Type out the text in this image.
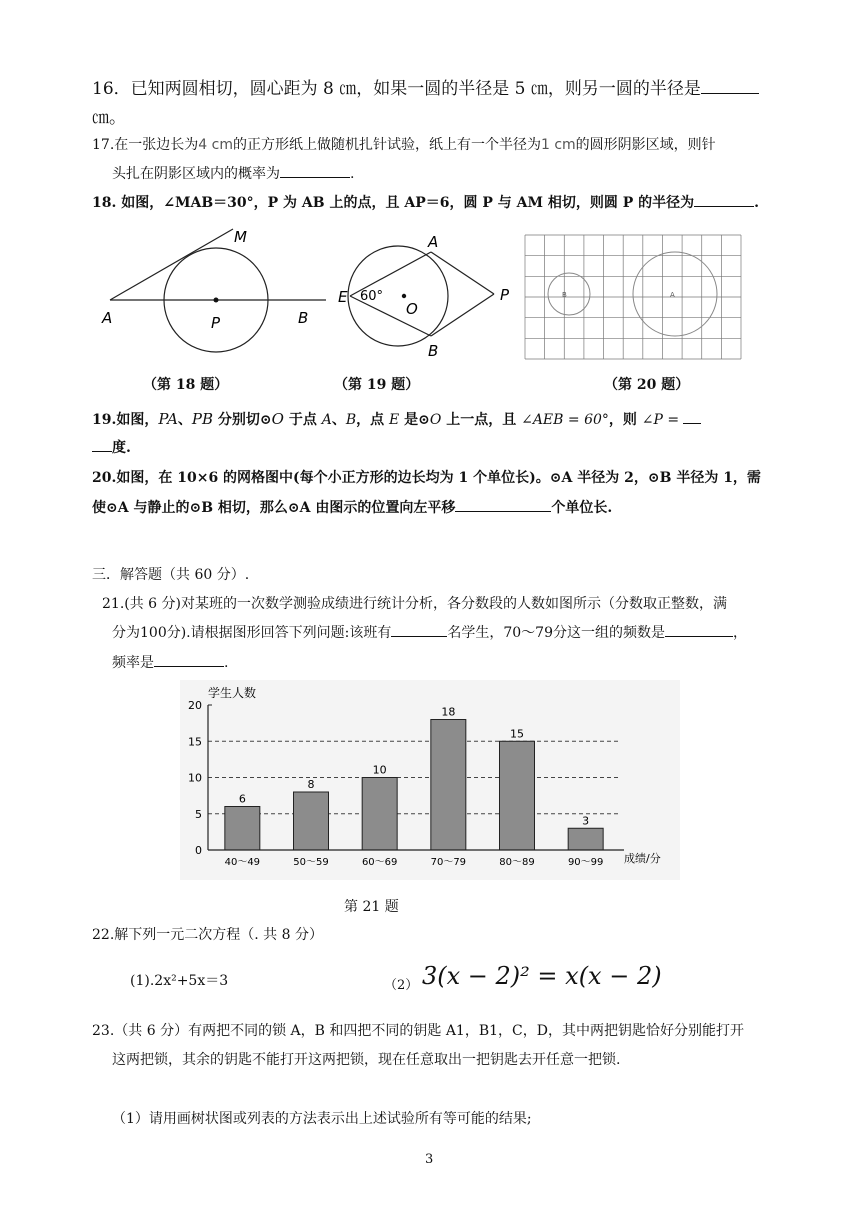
16．已知两圆相切，圆心距为 8 ㎝，如果一圆的半径是 5 ㎝，则另一圆的半径是
㎝。
17.在一张边长为4 cm的正方形纸上做随机扎针试验，纸上有一个半径为1 cm的圆形阴影区域，则针
头扎在阴影区域内的概率为	.
18. 如图，∠MAB＝30°，P 为 AB 上的点，且 AP＝6，圆 P 与 AM 相切，则圆 P 的半径为	.
A	B
M
P
A
B
E
O
P
60°	B	A
（第 18 题）	（第 19 题）	（第 20 题）
19.如图，PA、PB 分别切⊙O 于点 A、B，点 E 是⊙O 上一点，且 ∠AEB = 60°，则 ∠P =
度.
20.如图，在 10×6 的网格图中(每个小正方形的边长均为 1 个单位长)。⊙A 半径为 2，⊙B 半径为 1，需
使⊙A 与静止的⊙B 相切，那么⊙A 由图示的位置向左平移	个单位长.
三．解答题（共 60 分）.
21.(共 6 分)对某班的一次数学测验成绩进行统计分析，各分数段的人数如图所示（分数取正整数，满
分为100分).请根据图形回答下列问题:该班有	名学生，70～79分这一组的频数是	，
频率是	.
学生人数
成绩/分
0
5
10
15
20
6
40～49
8
50～59
10
60～69
18
70～79
15
80～89
3
90～99
第 21 题
22.解下列一元二次方程（. 共 8 分）
(1).2x²+5x＝3	（2） 3(x − 2)² = x(x − 2)
23.（共 6 分）有两把不同的锁 A，B 和四把不同的钥匙 A1，B1，C，D，其中两把钥匙恰好分别能打开
这两把锁，其余的钥匙不能打开这两把锁，现在任意取出一把钥匙去开任意一把锁.
（1）请用画树状图或列表的方法表示出上述试验所有等可能的结果;
3
